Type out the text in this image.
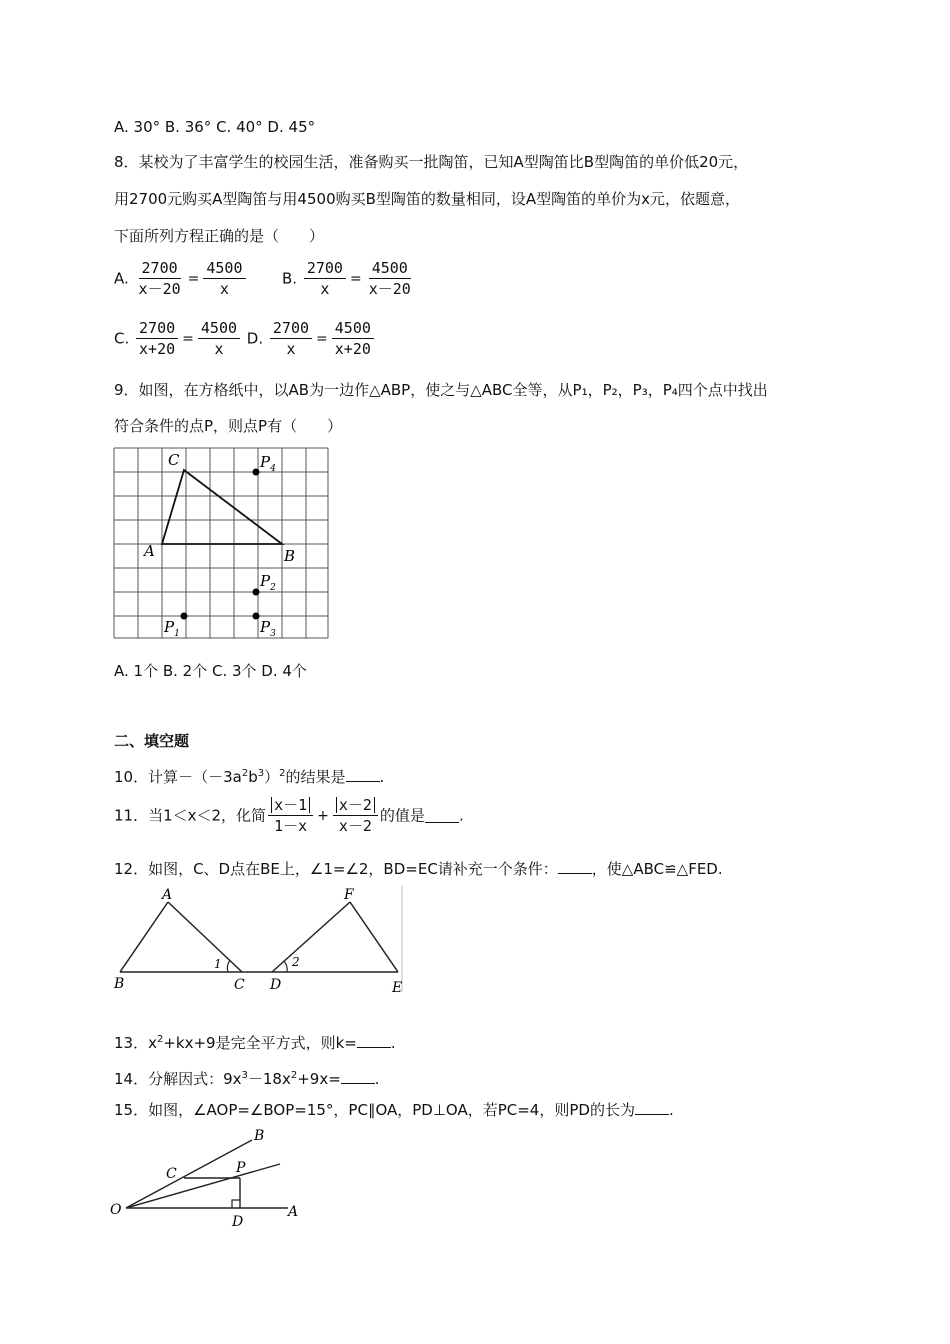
A. 30° B. 36° C. 40° D. 45°
8．某校为了丰富学生的校园生活，准备购买一批陶笛，已知A型陶笛比B型陶笛的单价低20元，
用2700元购买A型陶笛与用4500购买B型陶笛的数量相同，设A型陶笛的单价为x元，依题意，
下面所列方程正确的是（　　）
A. $\frac{2700}{x-20} = \frac{4500}{x} B$. $\frac{2700}{x} = \frac{4500}{x-20}$
C. $\frac{2700}{x+20} = \frac{4500}{x} D$. $\frac{2700}{x} = \frac{4500}{x+20}$
9．如图，在方格纸中，以AB为一边作△ABP，使之与△ABC全等，从P₁，P₂，P₃，P₄四个点中找出
符合条件的点P，则点P有（　　）
C
A	B
$P_4$
$P_2$
$P_3$
$P_1$
A. 1个 B. 2个 C. 3个 D. 4个
二、填空题
10．计算$-(-3a^2b^3)^2$的结果是 .
11．当1＜x＜2，化简 $\frac{x-1}{1-x} + \frac{x-2}{x-2}$ 的值是 .
12．如图，C、D点在BE上，∠1=∠2，BD=EC请补充一个条件： ，使△ABC≌△FED.
A
B	C D	E
F
1	2
13．$x^2+kx+9$是完全平方式，则k= .
14．分解因式：$9x^3-18x^2+9x=$ .
15．如图，∠AOP=∠BOP=15°，PC∥OA，PD⊥OA，若PC=4，则PD的长为 .
O	A
B
C	P
D
